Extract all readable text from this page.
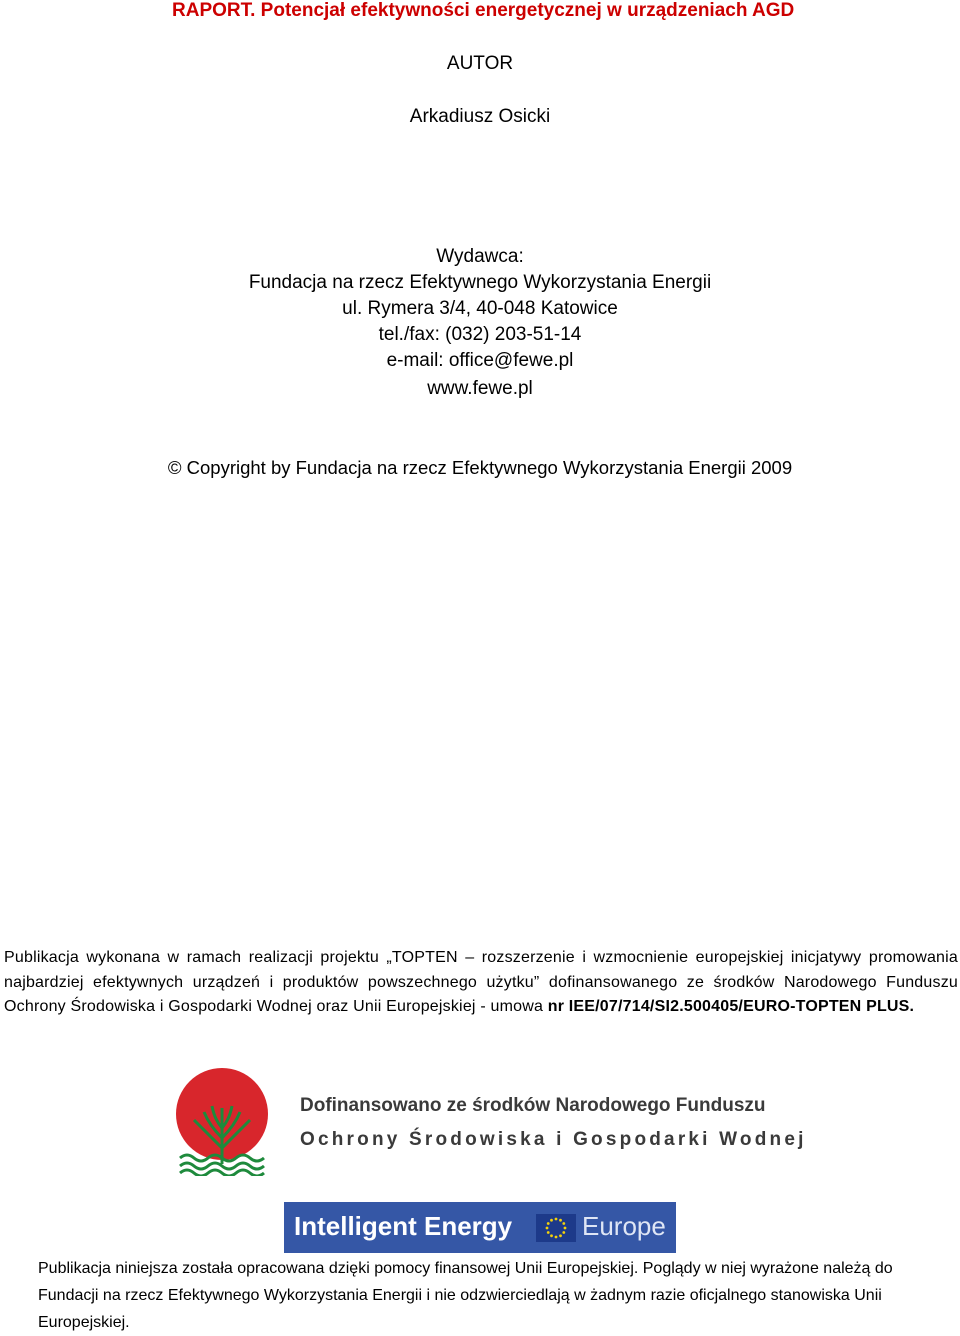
RAPORT. Potencjał efektywności energetycznej w urządzeniach AGD
AUTOR
Arkadiusz Osicki
Wydawca:
Fundacja na rzecz Efektywnego Wykorzystania Energii
ul. Rymera 3/4, 40-048 Katowice
tel./fax: (032) 203-51-14
e-mail: office@fewe.pl
www.fewe.pl
© Copyright by Fundacja na rzecz Efektywnego Wykorzystania Energii 2009
Publikacja wykonana w ramach realizacji projektu „TOPTEN – rozszerzenie i wzmocnienie europejskiej inicjatywy promowania najbardziej efektywnych urządzeń i produktów powszechnego użytku” dofinansowanego ze środków Narodowego Funduszu Ochrony Środowiska i Gospodarki Wodnej oraz Unii Europejskiej - umowa nr IEE/07/714/SI2.500405/EURO-TOPTEN PLUS.
Dofinansowano ze środków Narodowego Funduszu
Ochrony Środowiska i Gospodarki Wodnej
Intelligent Energy	Europe
Publikacja niniejsza została opracowana dzięki pomocy finansowej Unii Europejskiej. Poglądy w niej wyrażone należą do Fundacji na rzecz Efektywnego Wykorzystania Energii i nie odzwierciedlają w żadnym razie oficjalnego stanowiska Unii Europejskiej.
